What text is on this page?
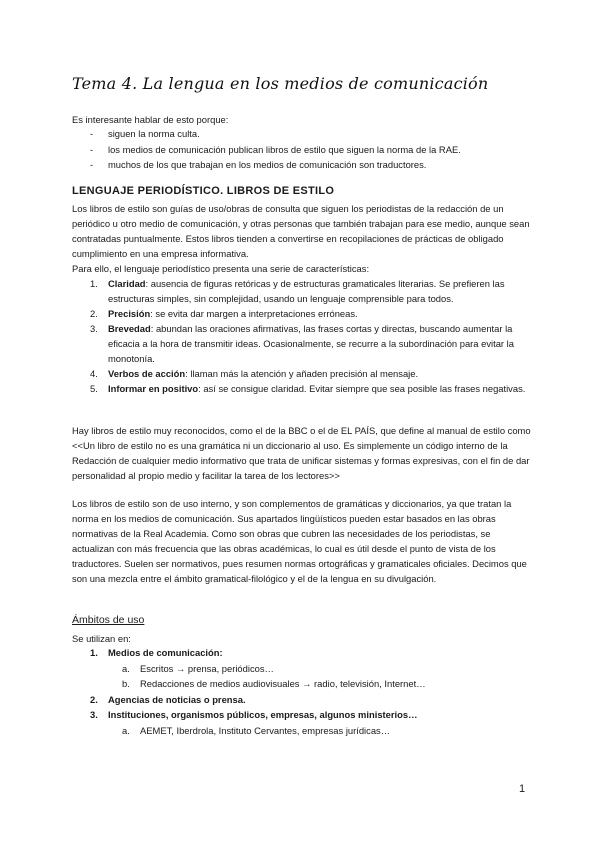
Tema 4. La lengua en los medios de comunicación

Es interesante hablar de esto porque:

- siguen la norma culta.
- los medios de comunicación publican libros de estilo que siguen la norma de la RAE.
- muchos de los que trabajan en los medios de comunicación son traductores.
LENGUAJE PERIODÍSTICO. LIBROS DE ESTILO

Los libros de estilo son guías de uso/obras de consulta que siguen los periodistas de la redacción de un periódico u otro medio de comunicación, y otras personas que también trabajan para ese medio, aunque sean contratadas puntualmente. Estos libros tienden a convertirse en recopilaciones de prácticas de obligado cumplimiento en una empresa informativa.

Para ello, el lenguaje periodístico presenta una serie de características:

1. Claridad: ausencia de figuras retóricas y de estructuras gramaticales literarias. Se prefieren las estructuras simples, sin complejidad, usando un lenguaje comprensible para todos.
2. Precisión: se evita dar margen a interpretaciones erróneas.
3. Brevedad: abundan las oraciones afirmativas, las frases cortas y directas, buscando aumentar la eficacia a la hora de transmitir ideas. Ocasionalmente, se recurre a la subordinación para evitar la monotonía.
4. Verbos de acción: llaman más la atención y añaden precisión al mensaje.
5. Informar en positivo: así se consigue claridad. Evitar siempre que sea posible las frases negativas.

Hay libros de estilo muy reconocidos, como el de la BBC o el de EL PAÍS, que define al manual de estilo como <<Un libro de estilo no es una gramática ni un diccionario al uso. Es simplemente un código interno de la Redacción de cualquier medio informativo que trata de unificar sistemas y formas expresivas, con el fin de dar personalidad al propio medio y facilitar la tarea de los lectores>>

Los libros de estilo son de uso interno, y son complementos de gramáticas y diccionarios, ya que tratan la norma en los medios de comunicación. Sus apartados lingüísticos pueden estar basados en las obras normativas de la Real Academia. Como son obras que cubren las necesidades de los periodistas, se actualizan con más frecuencia que las obras académicas, lo cual es útil desde el punto de vista de los traductores. Suelen ser normativos, pues resumen normas ortográficas y gramaticales oficiales. Decimos que son una mezcla entre el ámbito gramatical-filológico y el de la lengua en su divulgación.

Ámbitos de uso

Se utilizan en:

1. Medios de comunicación:
a. Escritos → prensa, periódicos…
b. Redacciones de medios audiovisuales → radio, televisión, Internet…
2. Agencias de noticias o prensa.
3. Instituciones, organismos públicos, empresas, algunos ministerios…
a. AEMET, Iberdrola, Instituto Cervantes, empresas jurídicas…
1
